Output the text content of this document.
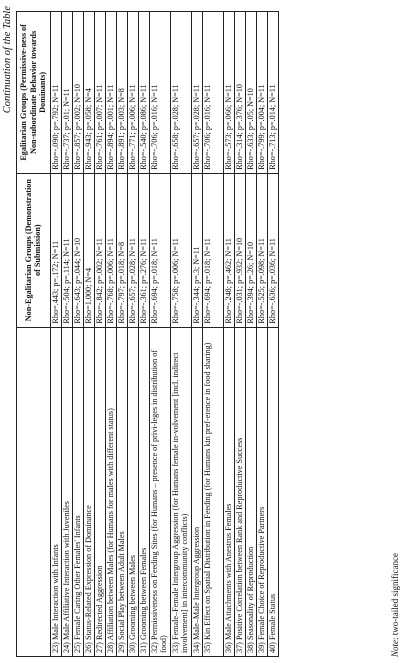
Continuation of the Table
	Non-Egalitarian Groups (Demonstration of Submission)	Egalitarian Groups (Permissive-ness of Non-subordinate Behavior towards Dominants)
23) Male Interaction with Infants	Rho=.443; p=.172; N=11	Rho=-.090; p=.792; N=11
24) Male Affiliative Interaction with Juveniles	Rho=-.504; p=.114; N=11	Rho=-.737; p=.01; N=11
25) Female Caring Other Females' Infants	Rho=-.643; p=.044; N=10	Rho=-.857; p=.002; N=10
26) Status-Related Expression of Dominance	Rho=1.000; N=4	Rho=-.943; p=.058; N=4
27) Redirected Aggression	Rho=-.842; p=.002; N=11	Rho=-.761; p=.007; N=11
28) Affiliation between Males (for Humans for males with different status)	Rho=-.768; p=.006; N=11	Rho=-.894; p=.001; N=11
29) Social Play between Adult Males	Rho=-.797; p=.018; N=8	Rho=-.891; p=.003; N=8
30) Grooming between Males	Rho=-.657; p=.028; N=11	Rho=-.771; p=.006; N=11
31) Grooming between Females	Rho=-.361; p=.276; N=11	Rho=-.540; p=.086; N=11
32) Permissiveness on Feeding Sites (for Humans – presence of privi-leges in distribution of food)	Rho=-.694; p=.018; N=11	Rho=-.706; p=.016; N=11
33) Female–Female Intergroup Aggression (for Humans female in-volvement [incl. indirect involvement] in intercommunity conflicts)	Rho=-.758; p=.006; N=11	Rho=-.658; p=.028; N=11
34) Male–Male Intergroup Aggression	Rho=-.344; p=.3; N=11	Rho=-.657; p=.028; N=11
35) Kin Effect on Spatial Distribution in Feeding (for Humans kin pref-erence in food sharing)	Rho=-.694; p=.018; N=11	Rho=-.706; p=.016; N=11
36) Male Attachments with Anestrus Females	Rho=-.248; p=.462; N=11	Rho=-.573; p=.066; N=11
37) Positive Correlation between Rank and Reproductive Success	Rho=-.031; p=.932; N=10	Rho=-.314; p=.376; N=10
38) Seasonality of Reproduction	Rho=-.394; p=.26; N=10	Rho=-.633; p=.05; N=10
39) Female Choice of Reproductive Partners	Rho=-.525; p=.098; N=11	Rho=-.799; p=.004; N=11
40) Female Status	Rho=-.636; p=.036; N=11	Rho=-.713; p=.014; N=11
Note: two-tailed significance
